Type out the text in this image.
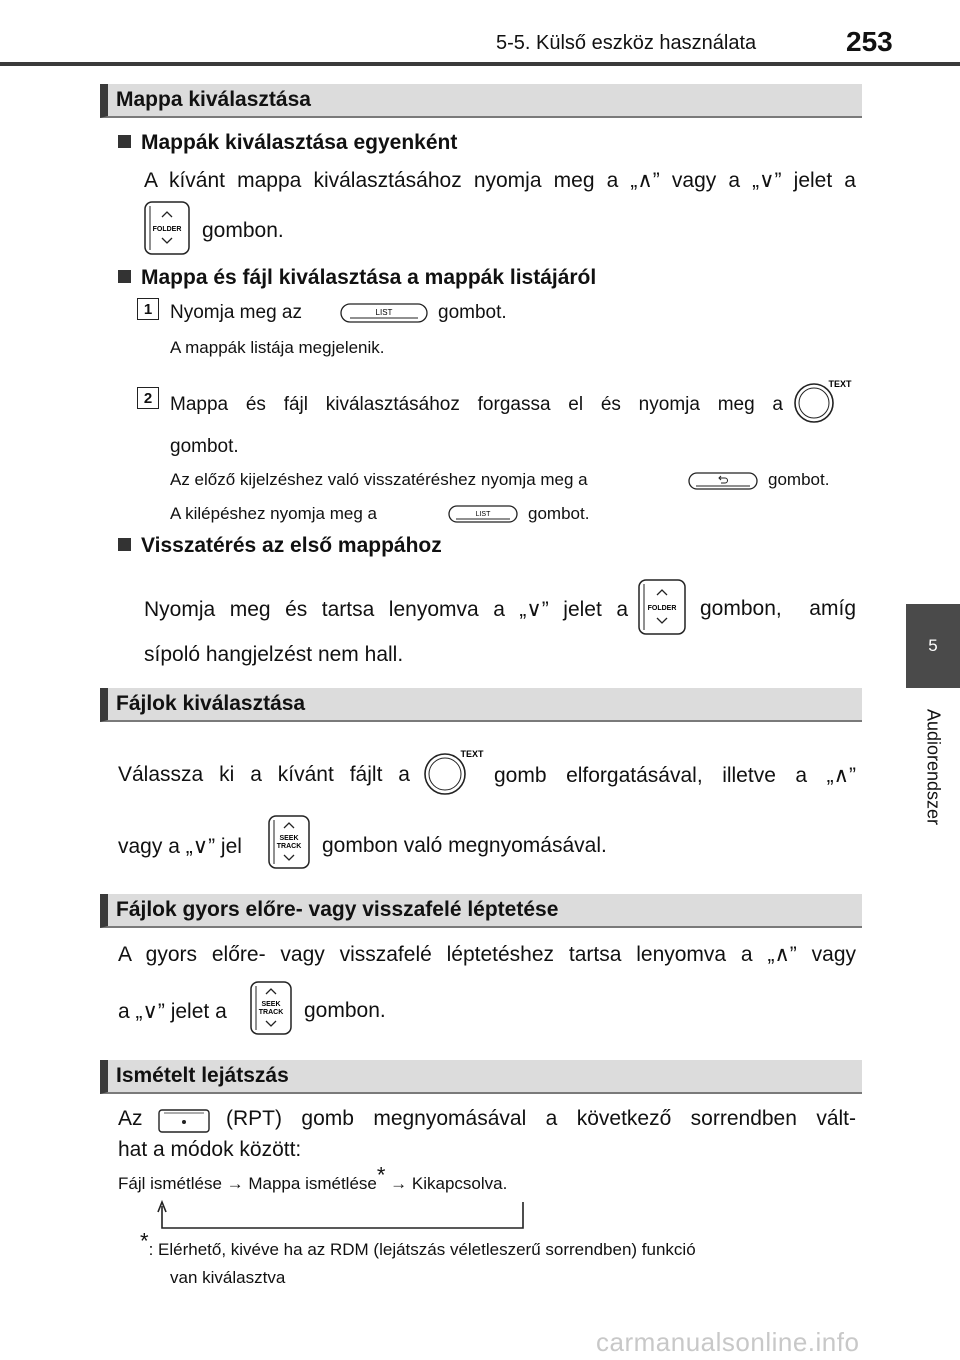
5-5. Külső eszköz használata	253
5
Audiorendszer
Mappa kiválasztása
Mappák kiválasztása egyenként
A kívánt mappa kiválasztásához nyomja meg a „∧” vagy a „∨” jelet a
FOLDER gombon.
Mappa és fájl kiválasztása a mappák listájáról
1 Nyomja meg az	LIST gombot.
A mappák listája megjelenik.
2 Mappa és fájl kiválasztásához forgassa el és nyomja meg a
TEXT
gombot.
Az előző kijelzéshez való visszatéréshez nyomja meg a	gombot.
A kilépéshez nyomja meg a	LIST gombot.
Visszatérés az első mappához
Nyomja meg és tartsa lenyomva a „∨” jelet a	FOLDER gombon, amíg
sípoló hangjelzést nem hall.
Fájlok kiválasztása
Válassza ki a kívánt fájlt a
TEXT
gomb elforgatásával, illetve a „∧”
vagy a „∨” jel	SEEK
TRACK gombon való megnyomásával.
Fájlok gyors előre- vagy visszafelé léptetése
A gyors előre- vagy visszafelé léptetéshez tartsa lenyomva a „∧” vagy
a „∨” jelet a	SEEK
TRACK gombon.
Ismételt lejátszás
Az	(RPT) gomb megnyomásával a következő sorrendben vált-
hat a módok között:
Fájl ismétlése → Mappa ismétlése* → Kikapcsolva.
*: Elérhető, kivéve ha az RDM (lejátszás véletleszerű sorrendben) funkció
van kiválasztva
carmanualsonline.info
